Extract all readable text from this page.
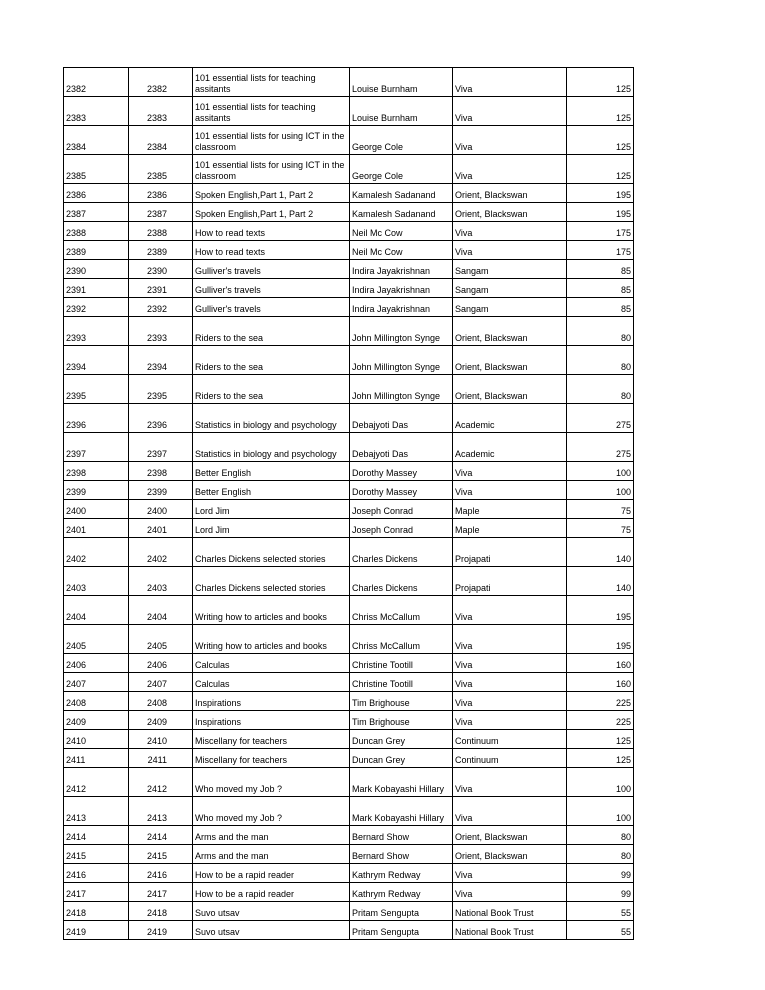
2382	2382	101 essential lists for teaching assitants	Louise Burnham	Viva	125
2383	2383	101 essential lists for teaching assitants	Louise Burnham	Viva	125
2384	2384	101 essential lists for using ICT in the classroom	George Cole	Viva	125
2385	2385	101 essential lists for using ICT in the classroom	George Cole	Viva	125
2386	2386	Spoken English,Part 1, Part 2	Kamalesh Sadanand	Orient, Blackswan	195
2387	2387	Spoken English,Part 1, Part 2	Kamalesh Sadanand	Orient, Blackswan	195
2388	2388	How to read texts	Neil Mc Cow	Viva	175
2389	2389	How to read texts	Neil Mc Cow	Viva	175
2390	2390	Gulliver's travels	Indira Jayakrishnan	Sangam	85
2391	2391	Gulliver's travels	Indira Jayakrishnan	Sangam	85
2392	2392	Gulliver's travels	Indira Jayakrishnan	Sangam	85
2393	2393	Riders to the sea	John Millington Synge	Orient, Blackswan	80
2394	2394	Riders to the sea	John Millington Synge	Orient, Blackswan	80
2395	2395	Riders to the sea	John Millington Synge	Orient, Blackswan	80
2396	2396	Statistics in biology and psychology	Debajyoti Das	Academic	275
2397	2397	Statistics in biology and psychology	Debajyoti Das	Academic	275
2398	2398	Better English	Dorothy Massey	Viva	100
2399	2399	Better English	Dorothy Massey	Viva	100
2400	2400	Lord Jim	Joseph Conrad	Maple	75
2401	2401	Lord Jim	Joseph Conrad	Maple	75
2402	2402	Charles Dickens selected stories	Charles Dickens	Projapati	140
2403	2403	Charles Dickens selected stories	Charles Dickens	Projapati	140
2404	2404	Writing how to articles and books	Chriss McCallum	Viva	195
2405	2405	Writing how to articles and books	Chriss McCallum	Viva	195
2406	2406	Calculas	Christine Tootill	Viva	160
2407	2407	Calculas	Christine Tootill	Viva	160
2408	2408	Inspirations	Tim Brighouse	Viva	225
2409	2409	Inspirations	Tim Brighouse	Viva	225
2410	2410	Miscellany for teachers	Duncan Grey	Continuum	125
2411	2411	Miscellany for teachers	Duncan Grey	Continuum	125
2412	2412	Who moved my Job ?	Mark Kobayashi Hillary	Viva	100
2413	2413	Who moved my Job ?	Mark Kobayashi Hillary	Viva	100
2414	2414	Arms and the man	Bernard Show	Orient, Blackswan	80
2415	2415	Arms and the man	Bernard Show	Orient, Blackswan	80
2416	2416	How to be a rapid reader	Kathrym Redway	Viva	99
2417	2417	How to be a rapid reader	Kathrym Redway	Viva	99
2418	2418	Suvo utsav	Pritam Sengupta	National Book Trust	55
2419	2419	Suvo utsav	Pritam Sengupta	National Book Trust	55
